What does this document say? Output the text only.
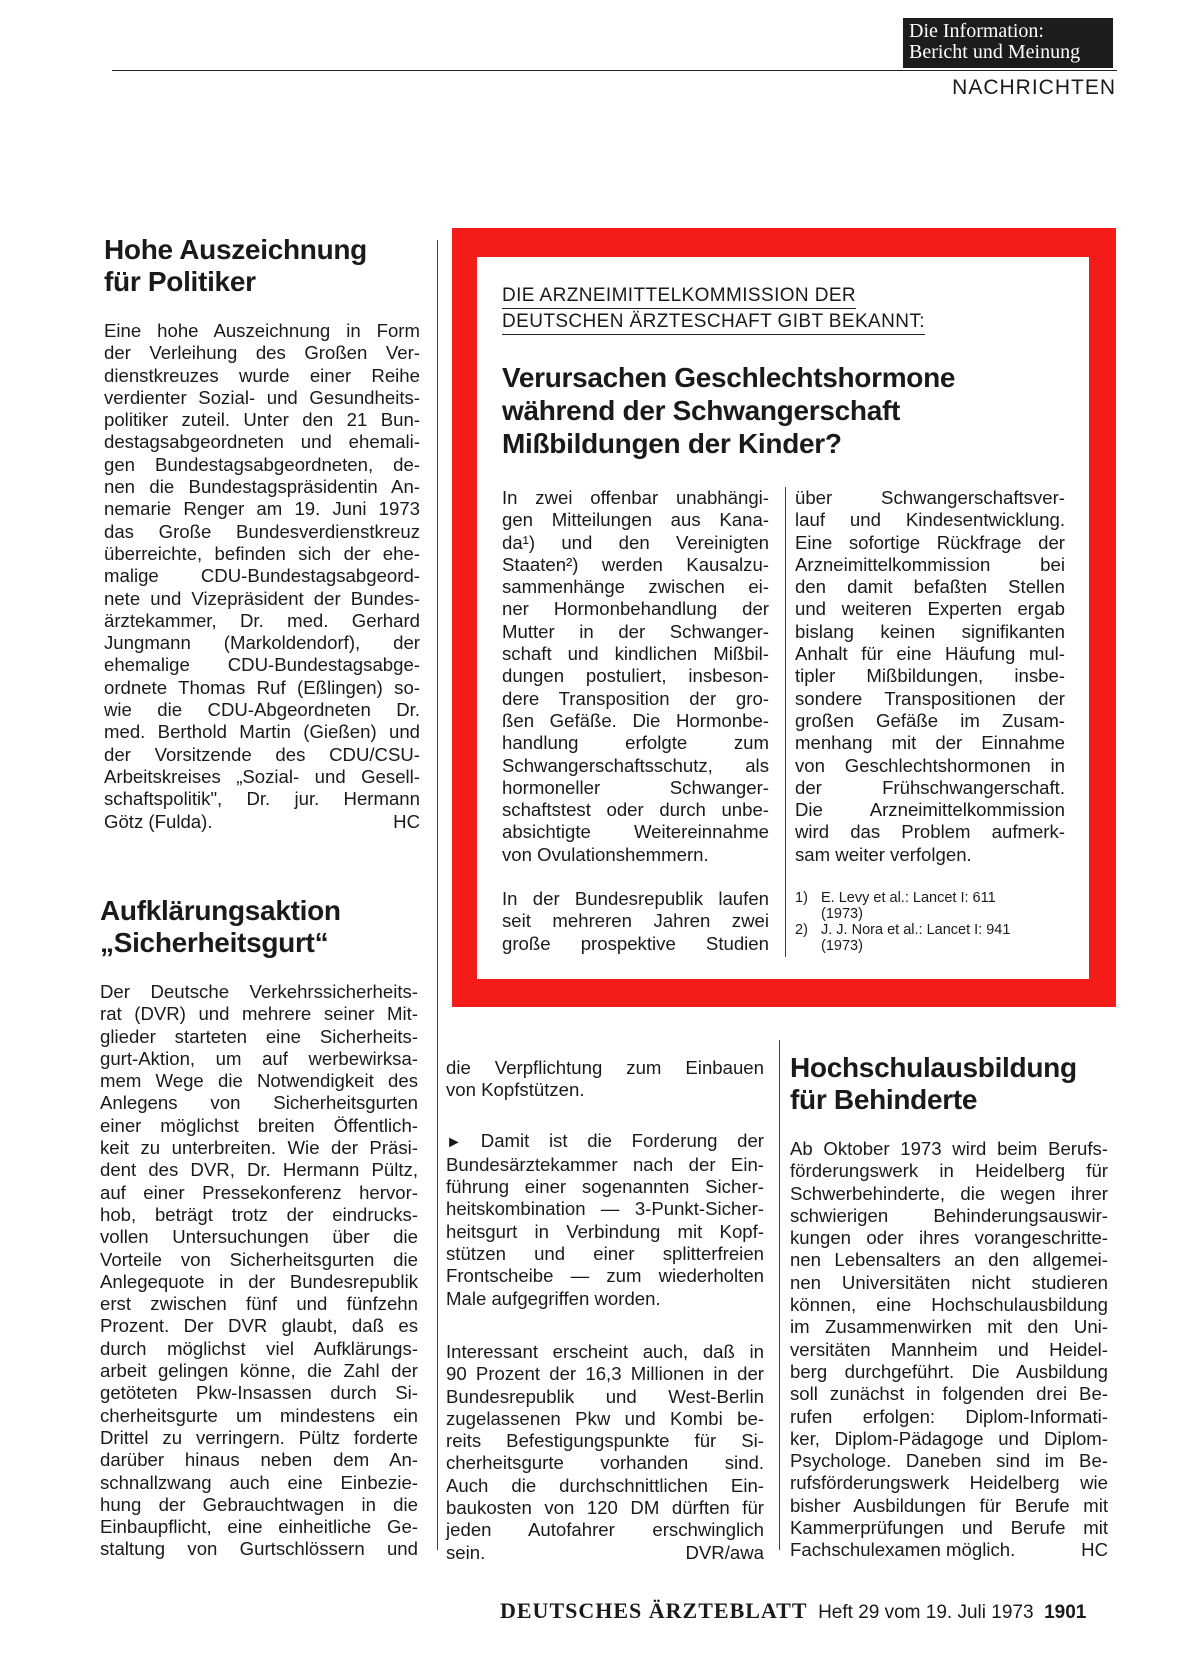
Die Information:
Bericht und Meinung
NACHRICHTEN
Hohe Auszeichnung
für Politiker

Eine hohe Auszeichnung in Form

der Verleihung des Großen Ver-

dienstkreuzes wurde einer Reihe

verdienter Sozial- und Gesundheits-

politiker zuteil. Unter den 21 Bun-

destagsabgeordneten und ehemali-

gen Bundestagsabgeordneten, de-

nen die Bundestagspräsidentin An-

nemarie Renger am 19. Juni 1973

das Große Bundesverdienstkreuz

überreichte, befinden sich der ehe-

malige CDU-Bundestagsabgeord-

nete und Vizepräsident der Bundes-

ärztekammer, Dr. med. Gerhard

Jungmann (Markoldendorf), der

ehemalige CDU-Bundestagsabge-

ordnete Thomas Ruf (Eßlingen) so-

wie die CDU-Abgeordneten Dr.

med. Berthold Martin (Gießen) und

der Vorsitzende des CDU/CSU-

Arbeitskreises „Sozial- und Gesell-

schaftspolitik", Dr. jur. Hermann

Götz (Fulda).	HC
Aufklärungsaktion
„Sicherheitsgurt“

Der Deutsche Verkehrssicherheits-

rat (DVR) und mehrere seiner Mit-

glieder starteten eine Sicherheits-

gurt-Aktion, um auf werbewirksa-

mem Wege die Notwendigkeit des

Anlegens von Sicherheitsgurten

einer möglichst breiten Öffentlich-

keit zu unterbreiten. Wie der Präsi-

dent des DVR, Dr. Hermann Pültz,

auf einer Pressekonferenz hervor-

hob, beträgt trotz der eindrucks-

vollen Untersuchungen über die

Vorteile von Sicherheitsgurten die

Anlegequote in der Bundesrepublik

erst zwischen fünf und fünfzehn

Prozent. Der DVR glaubt, daß es

durch möglichst viel Aufklärungs-

arbeit gelingen könne, die Zahl der

getöteten Pkw-Insassen durch Si-

cherheitsgurte um mindestens ein

Drittel zu verringern. Pültz forderte

darüber hinaus neben dem An-

schnallzwang auch eine Einbezie-

hung der Gebrauchtwagen in die

Einbaupflicht, eine einheitliche Ge-

staltung von Gurtschlössern und

die Verpflichtung zum Einbauen

von Kopfstützen.

► Damit ist die Forderung der

Bundesärztekammer nach der Ein-

führung einer sogenannten Sicher-

heitskombination — 3-Punkt-Sicher-

heitsgurt in Verbindung mit Kopf-

stützen und einer splitterfreien

Frontscheibe — zum wiederholten

Male aufgegriffen worden.

Interessant erscheint auch, daß in

90 Prozent der 16,3 Millionen in der

Bundesrepublik und West-Berlin

zugelassenen Pkw und Kombi be-

reits Befestigungspunkte für Si-

cherheitsgurte vorhanden sind.

Auch die durchschnittlichen Ein-

baukosten von 120 DM dürften für

jeden Autofahrer erschwinglich

sein.	DVR/awa
DIE ARZNEIMITTELKOMMISSION DER
DEUTSCHEN ÄRZTESCHAFT GIBT BEKANNT:
Verursachen Geschlechtshormone
während der Schwangerschaft
Mißbildungen der Kinder?

In zwei offenbar unabhängi-

gen Mitteilungen aus Kana-

da¹) und den Vereinigten

Staaten²) werden Kausalzu-

sammenhänge zwischen ei-

ner Hormonbehandlung der

Mutter in der Schwanger-

schaft und kindlichen Mißbil-

dungen postuliert, insbeson-

dere Transposition der gro-

ßen Gefäße. Die Hormonbe-

handlung erfolgte zum

Schwangerschaftsschutz, als

hormoneller Schwanger-

schaftstest oder durch unbe-

absichtigte Weitereinnahme

von Ovulationshemmern.

In der Bundesrepublik laufen

seit mehreren Jahren zwei

große prospektive Studien

über Schwangerschaftsver-

lauf und Kindesentwicklung.

Eine sofortige Rückfrage der

Arzneimittelkommission bei

den damit befaßten Stellen

und weiteren Experten ergab

bislang keinen signifikanten

Anhalt für eine Häufung mul-

tipler Mißbildungen, insbe-

sondere Transpositionen der

großen Gefäße im Zusam-

menhang mit der Einnahme

von Geschlechtshormonen in

der Frühschwangerschaft.

Die Arzneimittelkommission

wird das Problem aufmerk-

sam weiter verfolgen.
1) E. Levy et al.: Lancet I: 611
(1973)
2) J. J. Nora et al.: Lancet I: 941
(1973)
Hochschulausbildung
für Behinderte

Ab Oktober 1973 wird beim Berufs-

förderungswerk in Heidelberg für

Schwerbehinderte, die wegen ihrer

schwierigen Behinderungsauswir-

kungen oder ihres vorangeschritte-

nen Lebensalters an den allgemei-

nen Universitäten nicht studieren

können, eine Hochschulausbildung

im Zusammenwirken mit den Uni-

versitäten Mannheim und Heidel-

berg durchgeführt. Die Ausbildung

soll zunächst in folgenden drei Be-

rufen erfolgen: Diplom-Informati-

ker, Diplom-Pädagoge und Diplom-

Psychologe. Daneben sind im Be-

rufsförderungswerk Heidelberg wie

bisher Ausbildungen für Berufe mit

Kammerprüfungen und Berufe mit

Fachschulexamen möglich.	HC
DEUTSCHES ÄRZTEBLATT Heft 29 vom 19. Juli 1973 1901
